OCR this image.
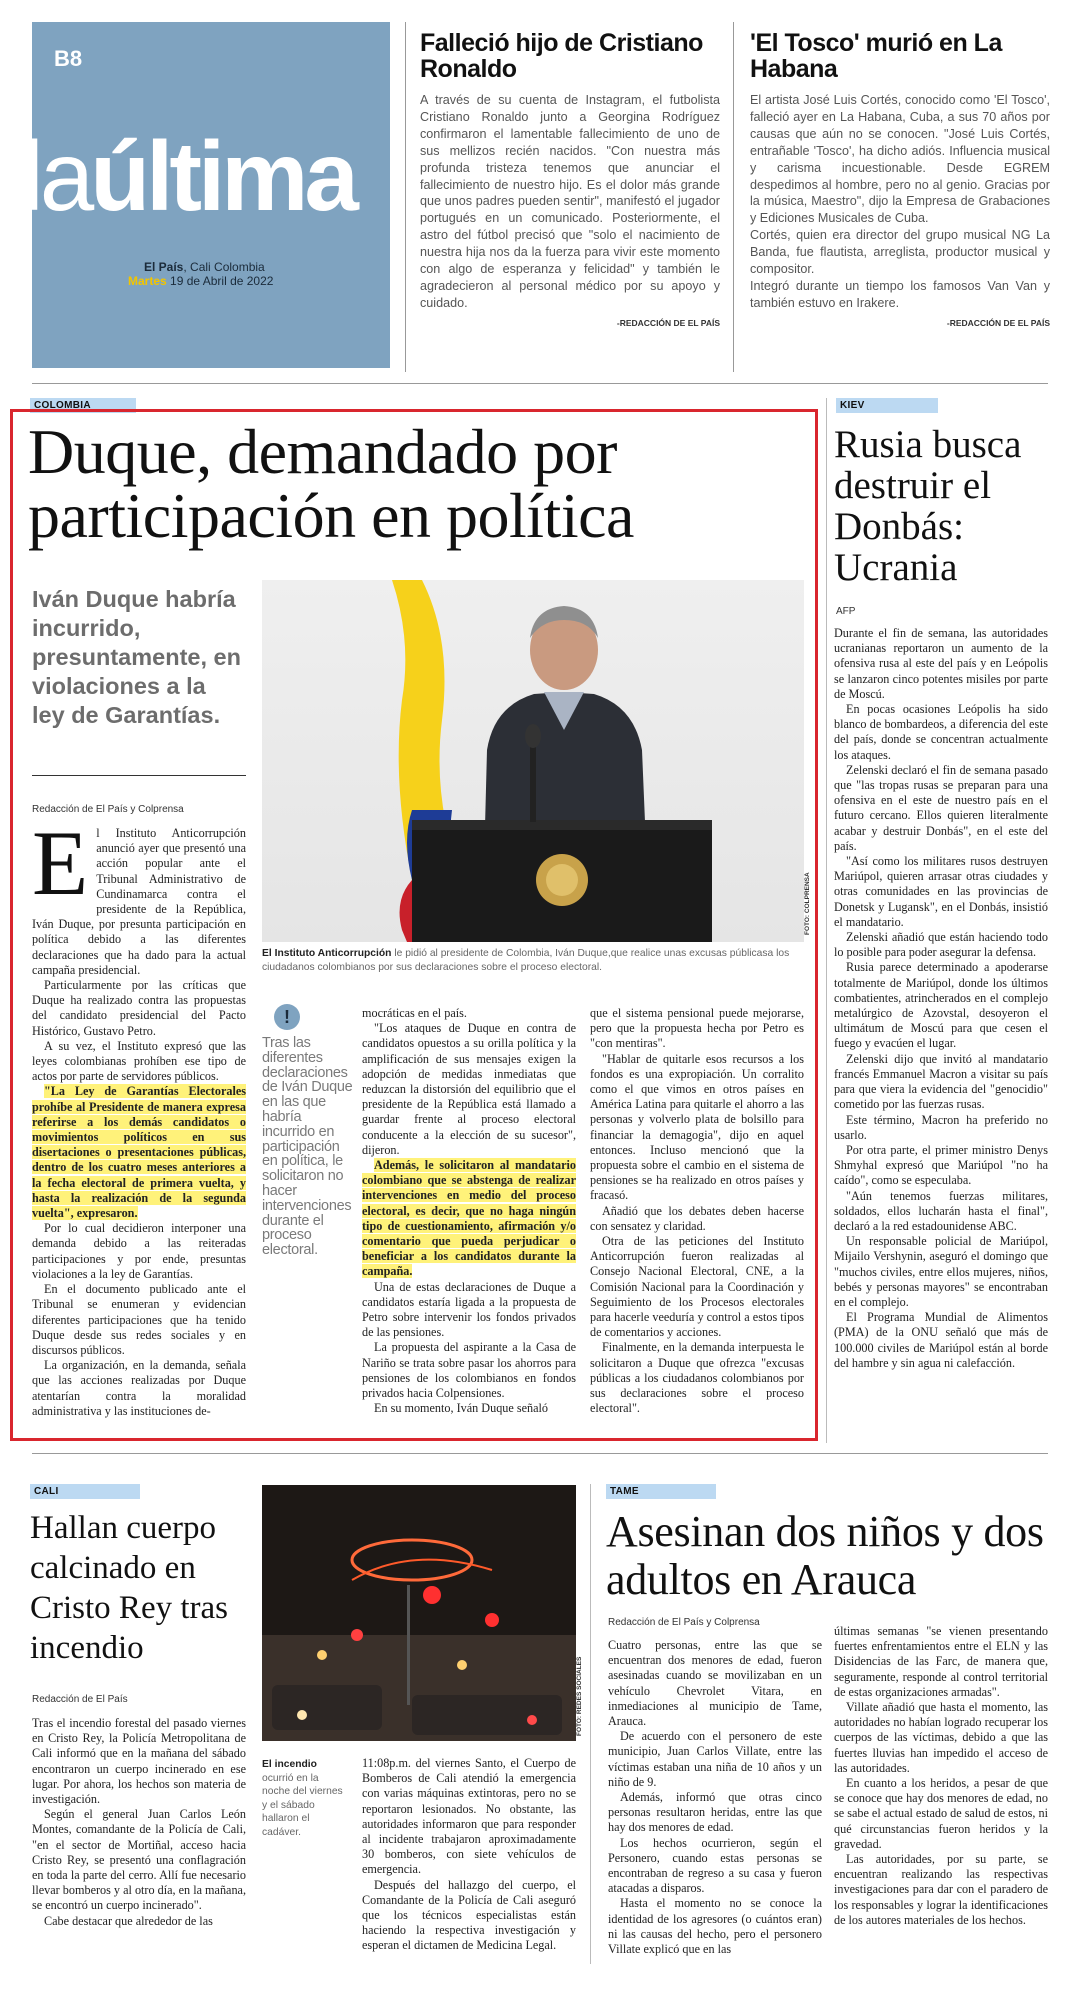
B8
laúltima
El País, Cali Colombia
Martes 19 de Abril de 2022
Falleció hijo de Cristiano Ronaldo

A través de su cuenta de Instagram, el futbolista Cristiano Ronaldo junto a Georgina Rodríguez confirmaron el lamentable fallecimiento de uno de sus mellizos recién nacidos. "Con nuestra más profunda tristeza tenemos que anunciar el fallecimiento de nuestro hijo. Es el dolor más grande que unos padres pueden sentir", manifestó el jugador portugués en un comunicado. Posteriormente, el astro del fútbol precisó que "solo el nacimiento de nuestra hija nos da la fuerza para vivir este momento con algo de esperanza y felicidad" y también le agradecieron al personal médico por su apoyo y cuidado.

-REDACCIÓN DE EL PAÍS
'El Tosco' murió en La Habana

El artista José Luis Cortés, conocido como 'El Tosco', falleció ayer en La Habana, Cuba, a sus 70 años por causas que aún no se conocen. "José Luis Cortés, entrañable 'Tosco', ha dicho adiós. Influencia musical y carisma incuestionable. Desde EGREM despedimos al hombre, pero no al genio. Gracias por la música, Maestro", dijo la Empresa de Grabaciones y Ediciones Musicales de Cuba.

Cortés, quien era director del grupo musical NG La Banda, fue flautista, arreglista, productor musical y compositor.

Integró durante un tiempo los famosos Van Van y también estuvo en Irakere.

-REDACCIÓN DE EL PAÍS
COLOMBIA
Duque, demandado por participación en política
Iván Duque habría incurrido, presuntamente, en violaciones a la ley de Garantías.
Redacción de El País y Colprensa
FOTO: COLPRENSA
El Instituto Anticorrupción le pidió al presidente de Colombia, Iván Duque,que realice unas excusas públicasa los ciudadanos colombianos por sus declaraciones sobre el proceso electoral.
E l Instituto Anticorrupción anunció ayer que presentó una acción popular ante el Tribunal Administrativo de Cundinamarca contra el presidente de la República, Iván Duque, por presunta participación en política debido a las diferentes declaraciones que ha dado para la actual campaña presidencial.

Particularmente por las críticas que Duque ha realizado contra las propuestas del candidato presidencial del Pacto Histórico, Gustavo Petro.

A su vez, el Instituto expresó que las leyes colombianas prohíben ese tipo de actos por parte de servidores públicos.

"La Ley de Garantías Electorales prohíbe al Presidente de manera expresa referirse a los demás candidatos o movimientos políticos en sus disertaciones o presentaciones públicas, dentro de los cuatro meses anteriores a la fecha electoral de primera vuelta, y hasta la realización de la segunda vuelta", expresaron.

Por lo cual decidieron interponer una demanda debido a las reiteradas participaciones y por ende, presuntas violaciones a la ley de Garantías.

En el documento publicado ante el Tribunal se enumeran y evidencian diferentes participaciones que ha tenido Duque desde sus redes sociales y en discursos públicos.

La organización, en la demanda, señala que las acciones realizadas por Duque atentarían contra la moralidad administrativa y las instituciones de-

!

Tras las diferentes declaraciones de Iván Duque en las que habría incurrido en participación en política, le solicitaron no hacer intervenciones durante el proceso electoral.

mocráticas en el país.

"Los ataques de Duque en contra de candidatos opuestos a su orilla política y la amplificación de sus mensajes exigen la adopción de medidas inmediatas que reduzcan la distorsión del equilibrio que el presidente de la República está llamado a guardar frente al proceso electoral conducente a la elección de su sucesor", dijeron.

Además, le solicitaron al mandatario colombiano que se abstenga de realizar intervenciones en medio del proceso electoral, es decir, que no haga ningún tipo de cuestionamiento, afirmación y/o comentario que pueda perjudicar o beneficiar a los candidatos durante la campaña.

Una de estas declaraciones de Duque a candidatos estaría ligada a la propuesta de Petro sobre intervenir los fondos privados de las pensiones.

La propuesta del aspirante a la Casa de Nariño se trata sobre pasar los ahorros para pensiones de los colombianos en fondos privados hacia Colpensiones.

En su momento, Iván Duque señaló

que el sistema pensional puede mejorarse, pero que la propuesta hecha por Petro es "con mentiras".

"Hablar de quitarle esos recursos a los fondos es una expropiación. Un corralito como el que vimos en otros países en América Latina para quitarle el ahorro a las personas y volverlo plata de bolsillo para financiar la demagogia", dijo en aquel entonces. Incluso mencionó que la propuesta sobre el cambio en el sistema de pensiones se ha realizado en otros países y fracasó.

Añadió que los debates deben hacerse con sensatez y claridad.

Otra de las peticiones del Instituto Anticorrupción fueron realizadas al Consejo Nacional Electoral, CNE, a la Comisión Nacional para la Coordinación y Seguimiento de los Procesos electorales para hacerle veeduría y control a estos tipos de comentarios y acciones.

Finalmente, en la demanda interpuesta le solicitaron a Duque que ofrezca "excusas públicas a los ciudadanos colombianos por sus declaraciones sobre el proceso electoral".

KIEV
Rusia busca destruir el Donbás: Ucrania
AFP

Durante el fin de semana, las autoridades ucranianas reportaron un aumento de la ofensiva rusa al este del país y en Leópolis se lanzaron cinco potentes misiles por parte de Moscú.

En pocas ocasiones Leópolis ha sido blanco de bombardeos, a diferencia del este del país, donde se concentran actualmente los ataques.

Zelenski declaró el fin de semana pasado que "las tropas rusas se preparan para una ofensiva en el este de nuestro país en el futuro cercano. Ellos quieren literalmente acabar y destruir Donbás", en el este del país.

"Así como los militares rusos destruyen Mariúpol, quieren arrasar otras ciudades y otras comunidades en las provincias de Donetsk y Lugansk", en el Donbás, insistió el mandatario.

Zelenski añadió que están haciendo todo lo posible para poder asegurar la defensa.

Rusia parece determinado a apoderarse totalmente de Mariúpol, donde los últimos combatientes, atrincherados en el complejo metalúrgico de Azovstal, desoyeron el ultimátum de Moscú para que cesen el fuego y evacúen el lugar.

Zelenski dijo que invitó al mandatario francés Emmanuel Macron a visitar su país para que viera la evidencia del "genocidio" cometido por las fuerzas rusas.

Este término, Macron ha preferido no usarlo.

Por otra parte, el primer ministro Denys Shmyhal expresó que Mariúpol "no ha caído", como se especulaba.

"Aún tenemos fuerzas militares, soldados, ellos lucharán hasta el final", declaró a la red estadounidense ABC.

Un responsable policial de Mariúpol, Mijailo Vershynin, aseguró el domingo que "muchos civiles, entre ellos mujeres, niños, bebés y personas mayores" se encontraban en el complejo.

El Programa Mundial de Alimentos (PMA) de la ONU señaló que más de 100.000 civiles de Mariúpol están al borde del hambre y sin agua ni calefacción.

CALI
Hallan cuerpo calcinado en Cristo Rey tras incendio
Redacción de El País

Tras el incendio forestal del pasado viernes en Cristo Rey, la Policía Metropolitana de Cali informó que en la mañana del sábado encontraron un cuerpo incinerado en ese lugar. Por ahora, los hechos son materia de investigación.

Según el general Juan Carlos León Montes, comandante de la Policía de Cali, "en el sector de Mortiñal, acceso hacia Cristo Rey, se presentó una conflagración en toda la parte del cerro. Allí fue necesario llevar bomberos y al otro día, en la mañana, se encontró un cuerpo incinerado".

Cabe destacar que alrededor de las

FOTO: REDES SOCIALES
El incendio ocurrió en la noche del viernes y el sábado hallaron el cadáver.

11:08p.m. del viernes Santo, el Cuerpo de Bomberos de Cali atendió la emergencia con varias máquinas extintoras, pero no se reportaron lesionados. No obstante, las autoridades informaron que para responder al incidente trabajaron aproximadamente 30 bomberos, con siete vehículos de emergencia.

Después del hallazgo del cuerpo, el Comandante de la Policía de Cali aseguró que los técnicos especialistas están haciendo la respectiva investigación y esperan el dictamen de Medicina Legal.

TAME
Asesinan dos niños y dos adultos en Arauca
Redacción de El País y Colprensa

Cuatro personas, entre las que se encuentran dos menores de edad, fueron asesinadas cuando se movilizaban en un vehículo Chevrolet Vitara, en inmediaciones al municipio de Tame, Arauca.

De acuerdo con el personero de este municipio, Juan Carlos Villate, entre las víctimas estaban una niña de 10 años y un niño de 9.

Además, informó que otras cinco personas resultaron heridas, entre las que hay dos menores de edad.

Los hechos ocurrieron, según el Personero, cuando estas personas se encontraban de regreso a su casa y fueron atacadas a disparos.

Hasta el momento no se conoce la identidad de los agresores (o cuántos eran) ni las causas del hecho, pero el personero Villate explicó que en las

últimas semanas "se vienen presentando fuertes enfrentamientos entre el ELN y las Disidencias de las Farc, de manera que, seguramente, responde al control territorial de estas organizaciones armadas".

Villate añadió que hasta el momento, las autoridades no habían logrado recuperar los cuerpos de las víctimas, debido a que las fuertes lluvias han impedido el acceso de las autoridades.

En cuanto a los heridos, a pesar de que se conoce que hay dos menores de edad, no se sabe el actual estado de salud de estos, ni qué circunstancias fueron heridos y la gravedad.

Las autoridades, por su parte, se encuentran realizando las respectivas investigaciones para dar con el paradero de los responsables y lograr la identificaciones de los autores materiales de los hechos.
